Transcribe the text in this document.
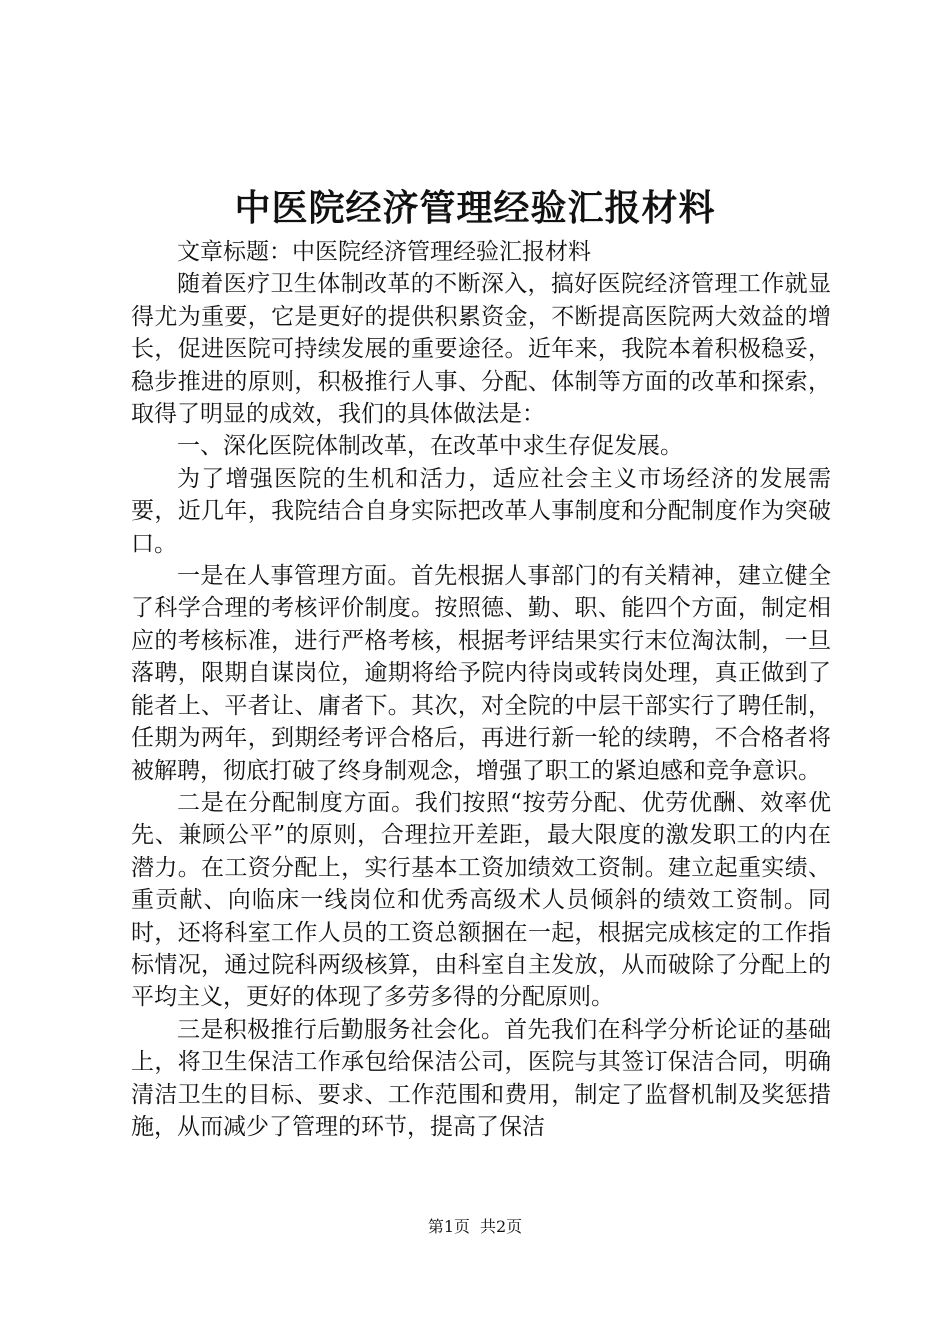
中医院经济管理经验汇报材料

文章标题：中医院经济管理经验汇报材料

随着医疗卫生体制改革的不断深入，搞好医院经济管理工作就显得尤为重要，它是更好的提供积累资金，不断提高医院两大效益的增长，促进医院可持续发展的重要途径。近年来，我院本着积极稳妥，稳步推进的原则，积极推行人事、分配、体制等方面的改革和探索，取得了明显的成效，我们的具体做法是：

一、深化医院体制改革，在改革中求生存促发展。

为了增强医院的生机和活力，适应社会主义市场经济的发展需要，近几年，我院结合自身实际把改革人事制度和分配制度作为突破口。

一是在人事管理方面。首先根据人事部门的有关精神，建立健全了科学合理的考核评价制度。按照德、勤、职、能四个方面，制定相应的考核标准，进行严格考核，根据考评结果实行末位淘汰制，一旦落聘，限期自谋岗位，逾期将给予院内待岗或转岗处理，真正做到了能者上、平者让、庸者下。其次，对全院的中层干部实行了聘任制，任期为两年，到期经考评合格后，再进行新一轮的续聘，不合格者将被解聘，彻底打破了终身制观念，增强了职工的紧迫感和竞争意识。

二是在分配制度方面。我们按照“按劳分配、优劳优酬、效率优先、兼顾公平”的原则，合理拉开差距，最大限度的激发职工的内在潜力。在工资分配上，实行基本工资加绩效工资制。建立起重实绩、重贡献、向临床一线岗位和优秀高级术人员倾斜的绩效工资制。同时，还将科室工作人员的工资总额捆在一起，根据完成核定的工作指标情况，通过院科两级核算，由科室自主发放，从而破除了分配上的平均主义，更好的体现了多劳多得的分配原则。

三是积极推行后勤服务社会化。首先我们在科学分析论证的基础上，将卫生保洁工作承包给保洁公司，医院与其签订保洁合同，明确清洁卫生的目标、要求、工作范围和费用，制定了监督机制及奖惩措施，从而减少了管理的环节，提高了保洁

第1页 共2页
